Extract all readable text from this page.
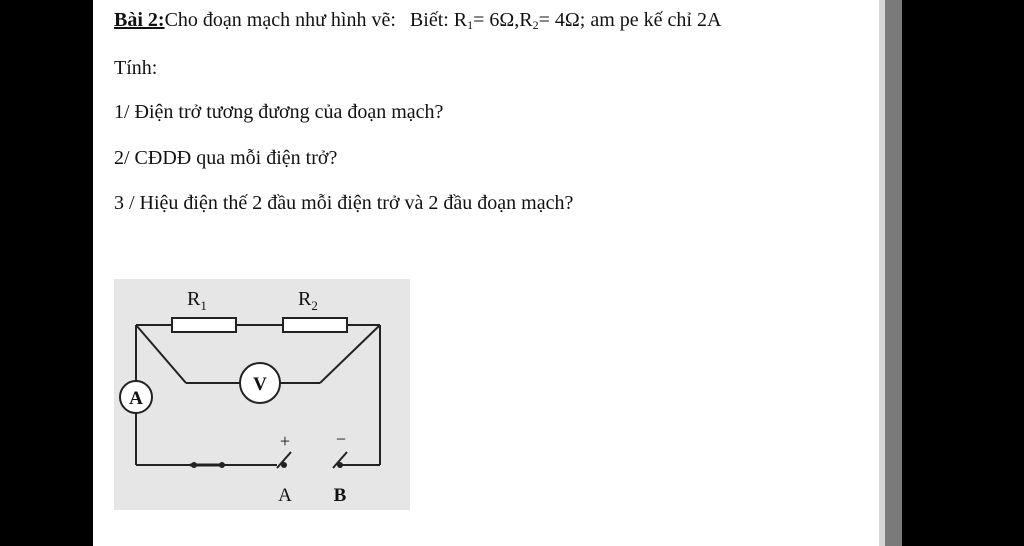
Bài 2:Cho đoạn mạch như hình vẽ: Biết: $R_1= 6\Omega,R_2= 4\Omega$; am pe kế chỉ 2A
Tính:
1/ Điện trở tương đương của đoạn mạch?
2/ CĐDĐ qua mỗi điện trở?
3 / Hiệu điện thế 2 đầu mỗi điện trở và 2 đầu đoạn mạch?
$R_1$	$R_2$
A
V
+	−
A B
